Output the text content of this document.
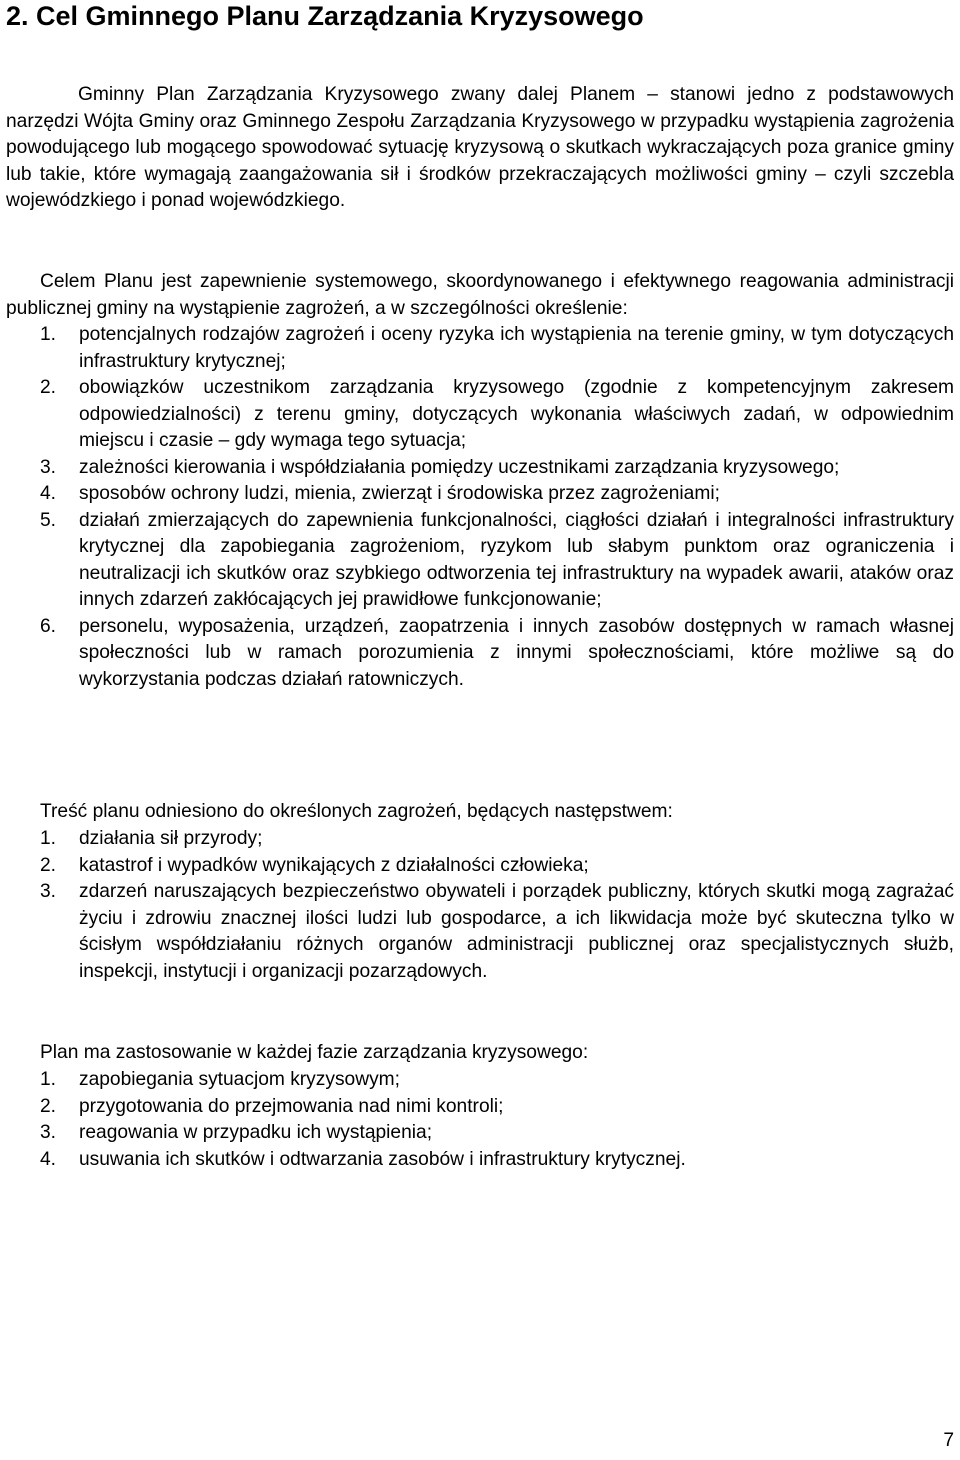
2. Cel Gminnego Planu Zarządzania Kryzysowego

Gminny Plan Zarządzania Kryzysowego zwany dalej Planem – stanowi jedno z podstawowych narzędzi Wójta Gminy oraz Gminnego Zespołu Zarządzania Kryzysowego w przypadku wystąpienia zagrożenia powodującego lub mogącego spowodować sytuację kryzysową o skutkach wykraczających poza granice gminy lub takie, które wymagają zaangażowania sił i środków przekraczających możliwości gminy – czyli szczebla wojewódzkiego i ponad wojewódzkiego.

Celem Planu jest zapewnienie systemowego, skoordynowanego i efektywnego reagowania administracji publicznej gminy na wystąpienie zagrożeń, a w szczególności określenie:

1. potencjalnych rodzajów zagrożeń i oceny ryzyka ich wystąpienia na terenie gminy, w tym dotyczących infrastruktury krytycznej;
2. obowiązków uczestnikom zarządzania kryzysowego (zgodnie z kompetencyjnym zakresem odpowiedzialności) z terenu gminy, dotyczących wykonania właściwych zadań, w odpowiednim miejscu i czasie – gdy wymaga tego sytuacja;
3. zależności kierowania i współdziałania pomiędzy uczestnikami zarządzania kryzysowego;
4. sposobów ochrony ludzi, mienia, zwierząt i środowiska przez zagrożeniami;
5. działań zmierzających do zapewnienia funkcjonalności, ciągłości działań i integralności infrastruktury krytycznej dla zapobiegania zagrożeniom, ryzykom lub słabym punktom oraz ograniczenia i neutralizacji ich skutków oraz szybkiego odtworzenia tej infrastruktury na wypadek awarii, ataków oraz innych zdarzeń zakłócających jej prawidłowe funkcjonowanie;
6. personelu, wyposażenia, urządzeń, zaopatrzenia i innych zasobów dostępnych w ramach własnej społeczności lub w ramach porozumienia z innymi społecznościami, które możliwe są do wykorzystania podczas działań ratowniczych.

Treść planu odniesiono do określonych zagrożeń, będących następstwem:

1. działania sił przyrody;
2. katastrof i wypadków wynikających z działalności człowieka;
3. zdarzeń naruszających bezpieczeństwo obywateli i porządek publiczny, których skutki mogą zagrażać życiu i zdrowiu znacznej ilości ludzi lub gospodarce, a ich likwidacja może być skuteczna tylko w ścisłym współdziałaniu różnych organów administracji publicznej oraz specjalistycznych służb, inspekcji, instytucji i organizacji pozarządowych.

Plan ma zastosowanie w każdej fazie zarządzania kryzysowego:

1. zapobiegania sytuacjom kryzysowym;
2. przygotowania do przejmowania nad nimi kontroli;
3. reagowania w przypadku ich wystąpienia;
4. usuwania ich skutków i odtwarzania zasobów i infrastruktury krytycznej.
7
